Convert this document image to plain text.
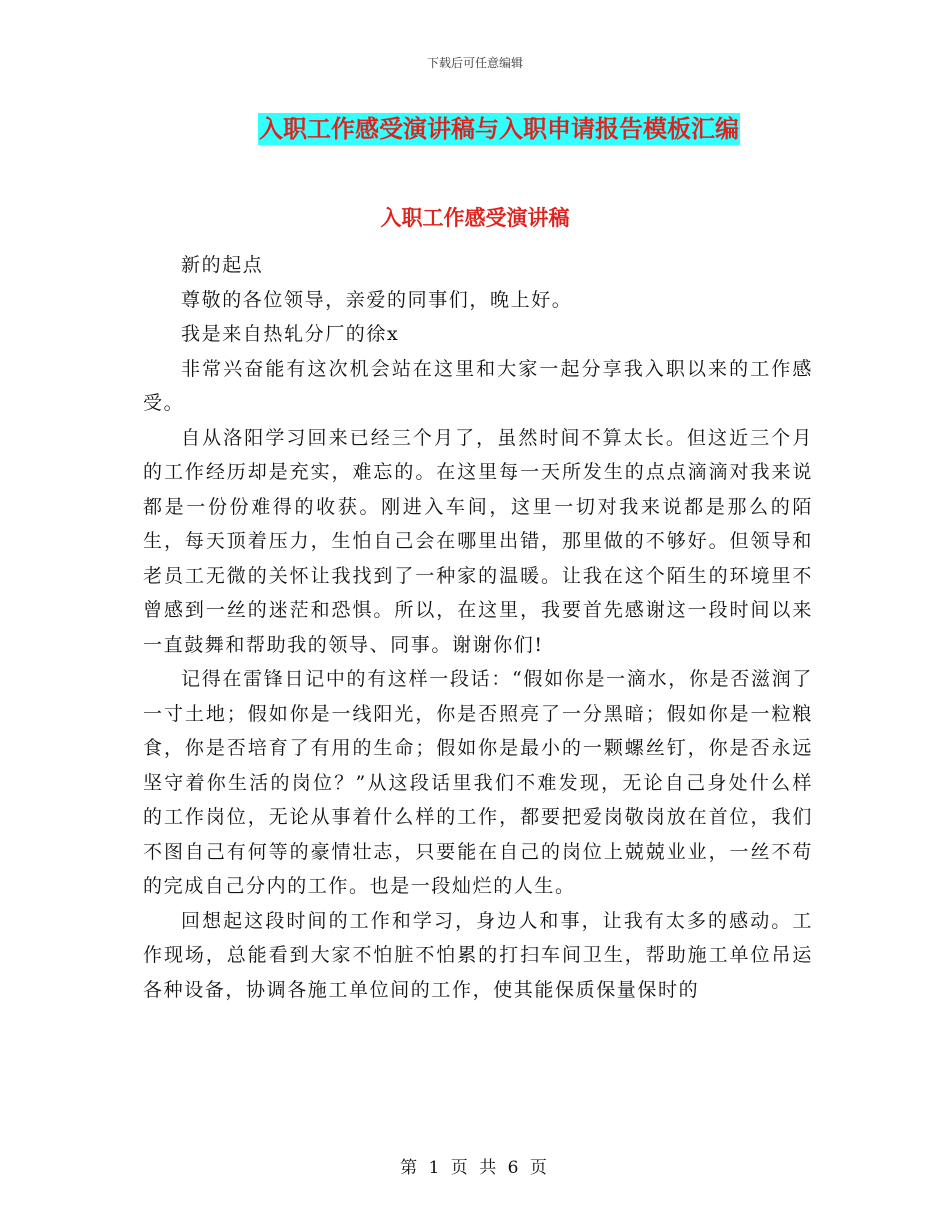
下载后可任意编辑
入职工作感受演讲稿与入职申请报告模板汇编
入职工作感受演讲稿

新的起点

尊敬的各位领导，亲爱的同事们，晚上好。

我是来自热轧分厂的徐x

非常兴奋能有这次机会站在这里和大家一起分享我入职以来的工作感受。

自从洛阳学习回来已经三个月了，虽然时间不算太长。但这近三个月的工作经历却是充实，难忘的。在这里每一天所发生的点点滴滴对我来说都是一份份难得的收获。刚进入车间，这里一切对我来说都是那么的陌生，每天顶着压力，生怕自己会在哪里出错，那里做的不够好。但领导和老员工无微的关怀让我找到了一种家的温暖。让我在这个陌生的环境里不曾感到一丝的迷茫和恐惧。所以，在这里，我要首先感谢这一段时间以来一直鼓舞和帮助我的领导、同事。谢谢你们!

记得在雷锋日记中的有这样一段话：“假如你是一滴水，你是否滋润了一寸土地；假如你是一线阳光，你是否照亮了一分黑暗；假如你是一粒粮食，你是否培育了有用的生命；假如你是最小的一颗螺丝钉，你是否永远坚守着你生活的岗位？”从这段话里我们不难发现，无论自己身处什么样的工作岗位，无论从事着什么样的工作，都要把爱岗敬岗放在首位，我们不图自己有何等的豪情壮志，只要能在自己的岗位上兢兢业业，一丝不苟的完成自己分内的工作。也是一段灿烂的人生。

回想起这段时间的工作和学习，身边人和事，让我有太多的感动。工作现场，总能看到大家不怕脏不怕累的打扫车间卫生，帮助施工单位吊运各种设备，协调各施工单位间的工作，使其能保质保量保时的

第 1 页 共 6 页
